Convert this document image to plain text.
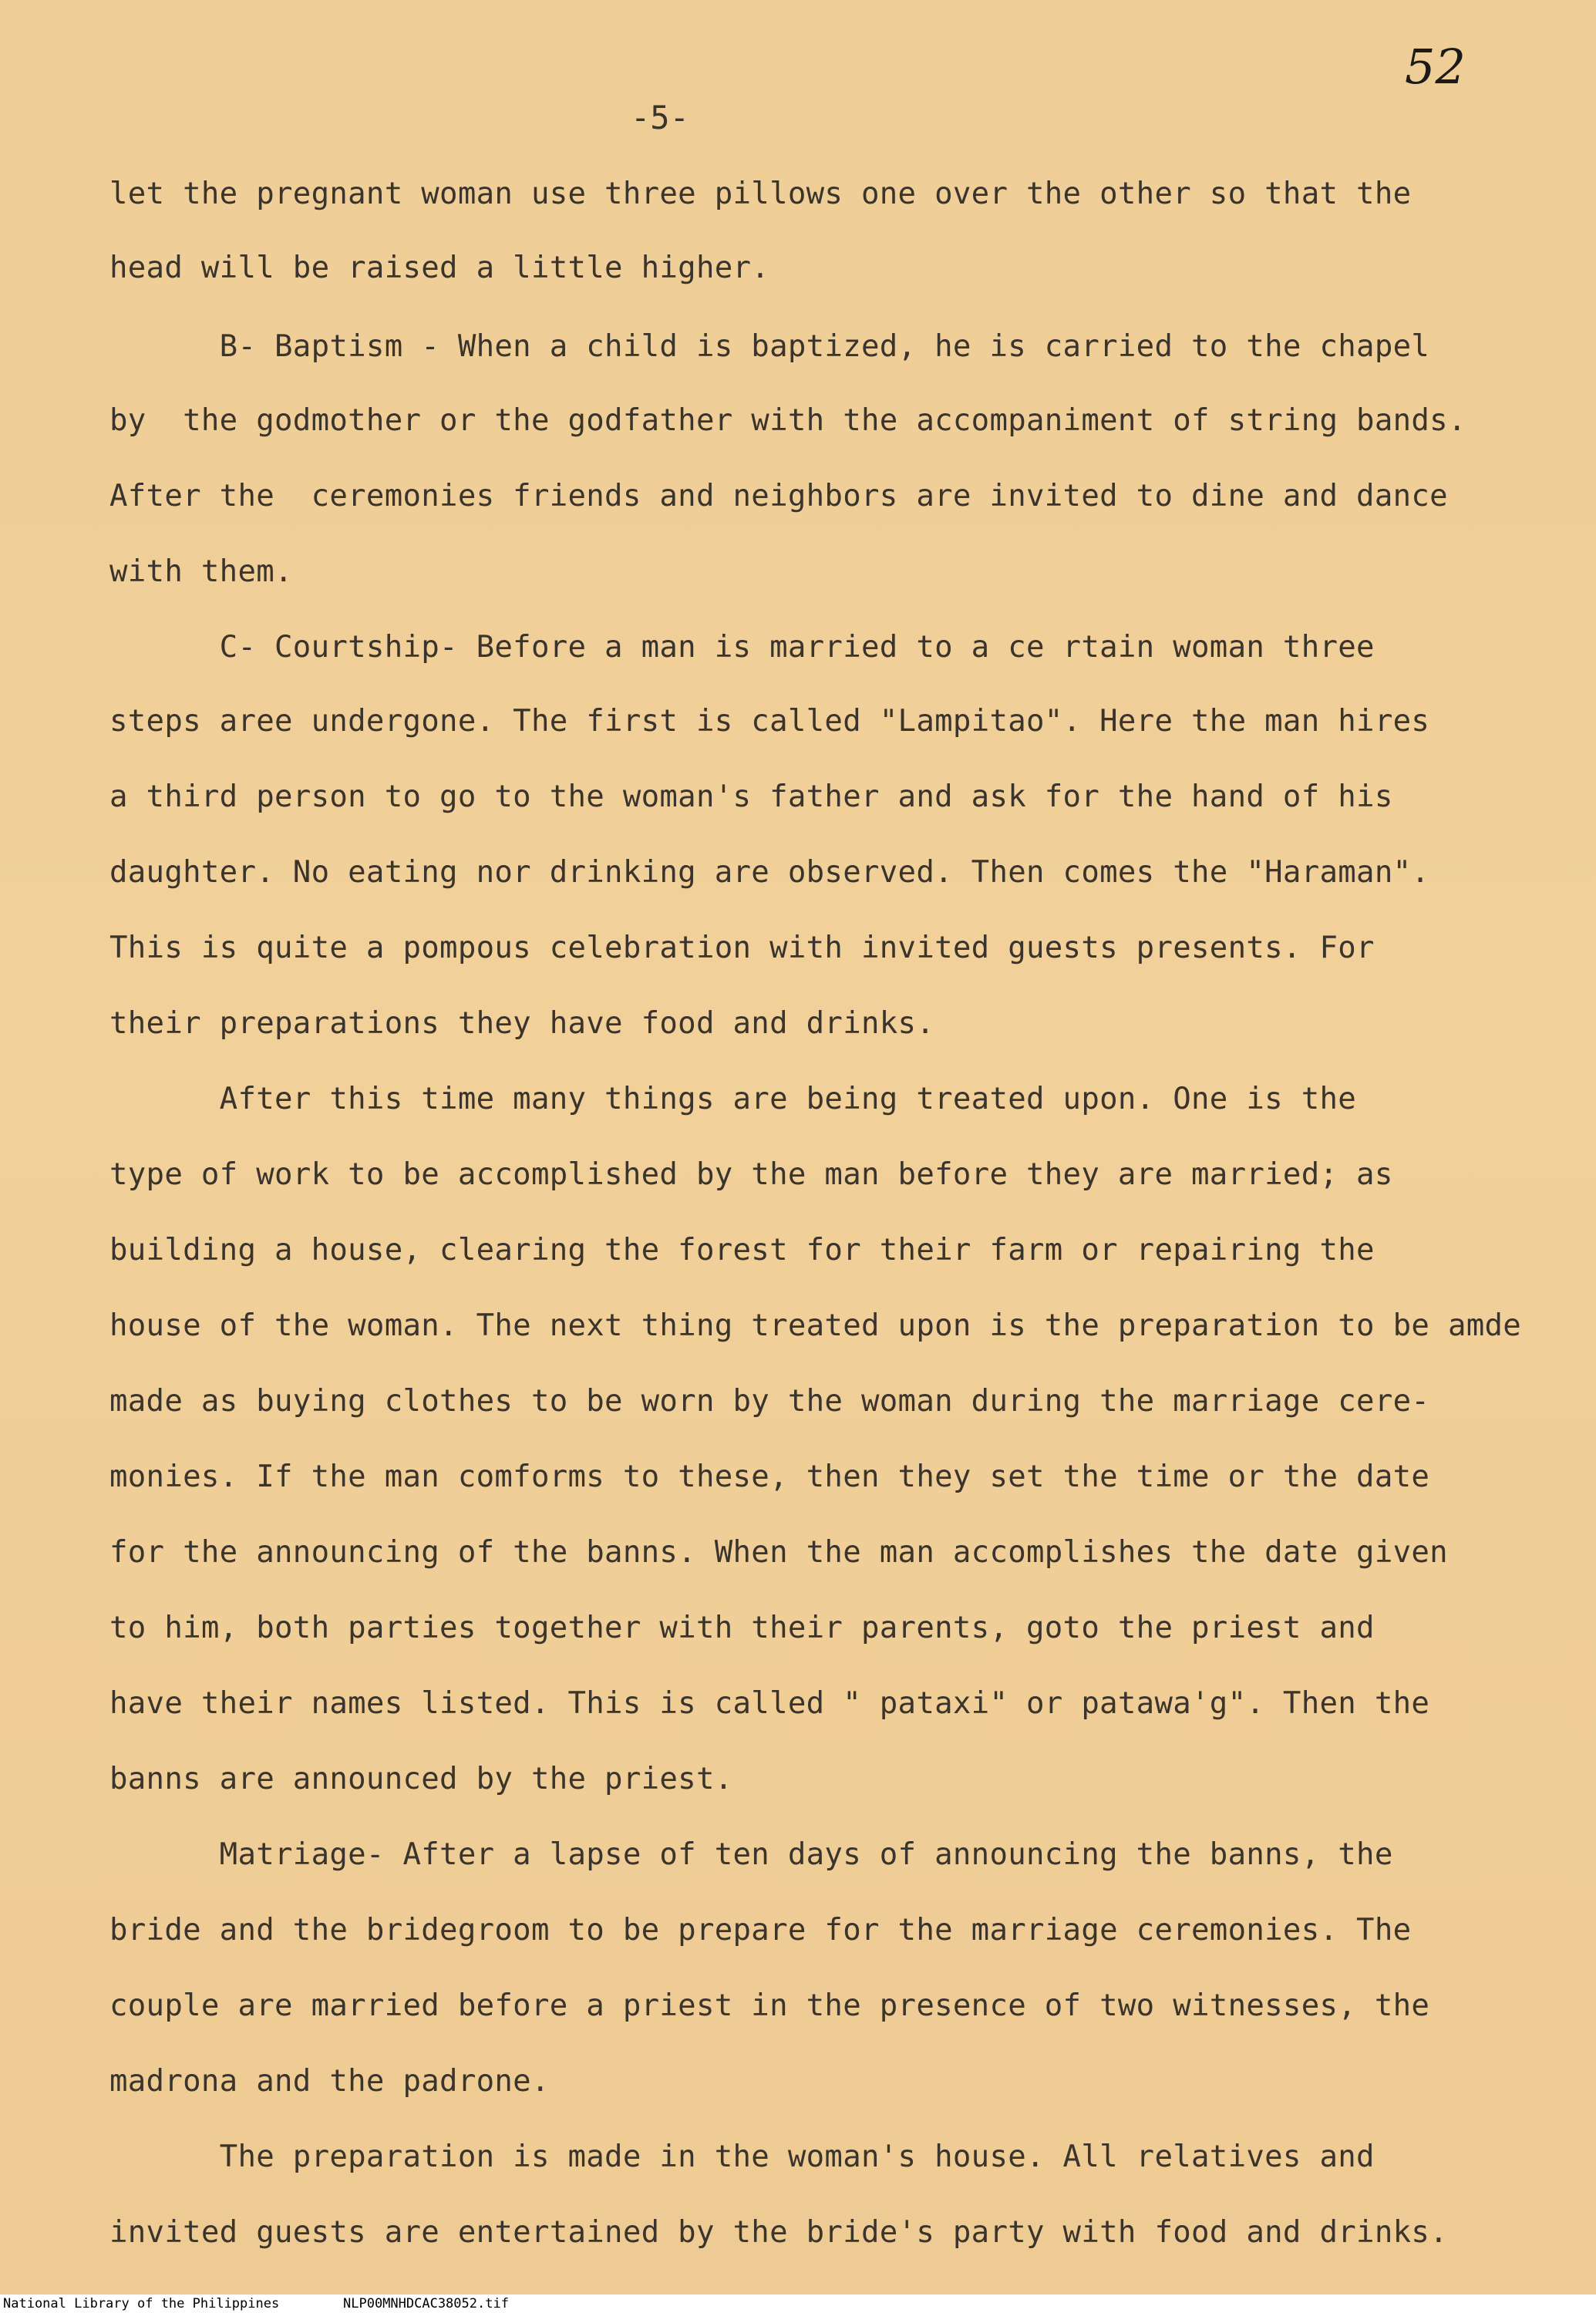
52
-5-
let the pregnant woman use three pillows one over the other so that the
head will be raised a little higher.
B- Baptism - When a child is baptized, he is carried to the chapel
by  the godmother or the godfather with the accompaniment of string bands.
After the  ceremonies friends and neighbors are invited to dine and dance
with them.
C- Courtship- Before a man is married to a ce rtain woman three
steps aree undergone. The first is called "Lampitao". Here the man hires
a third person to go to the woman's father and ask for the hand of his
daughter. No eating nor drinking are observed. Then comes the "Haraman".
This is quite a pompous celebration with invited guests presents. For
their preparations they have food and drinks.
After this time many things are being treated upon. One is the
type of work to be accomplished by the man before they are married; as
building a house, clearing the forest for their farm or repairing the
house of the woman. The next thing treated upon is the preparation to be amde
made as buying clothes to be worn by the woman during the marriage cere-
monies. If the man comforms to these, then they set the time or the date
for the announcing of the banns. When the man accomplishes the date given
to him, both parties together with their parents, goto the priest and
have their names listed. This is called " pataxi" or patawa'g". Then the
banns are announced by the priest.
Matriage- After a lapse of ten days of announcing the banns, the
bride and the bridegroom to be prepare for the marriage ceremonies. The
couple are married before a priest in the presence of two witnesses, the
madrona and the padrone.
The preparation is made in the woman's house. All relatives and
invited guests are entertained by the bride's party with food and drinks.
National Library of the Philippines	NLP00MNHDCAC38052.tif
